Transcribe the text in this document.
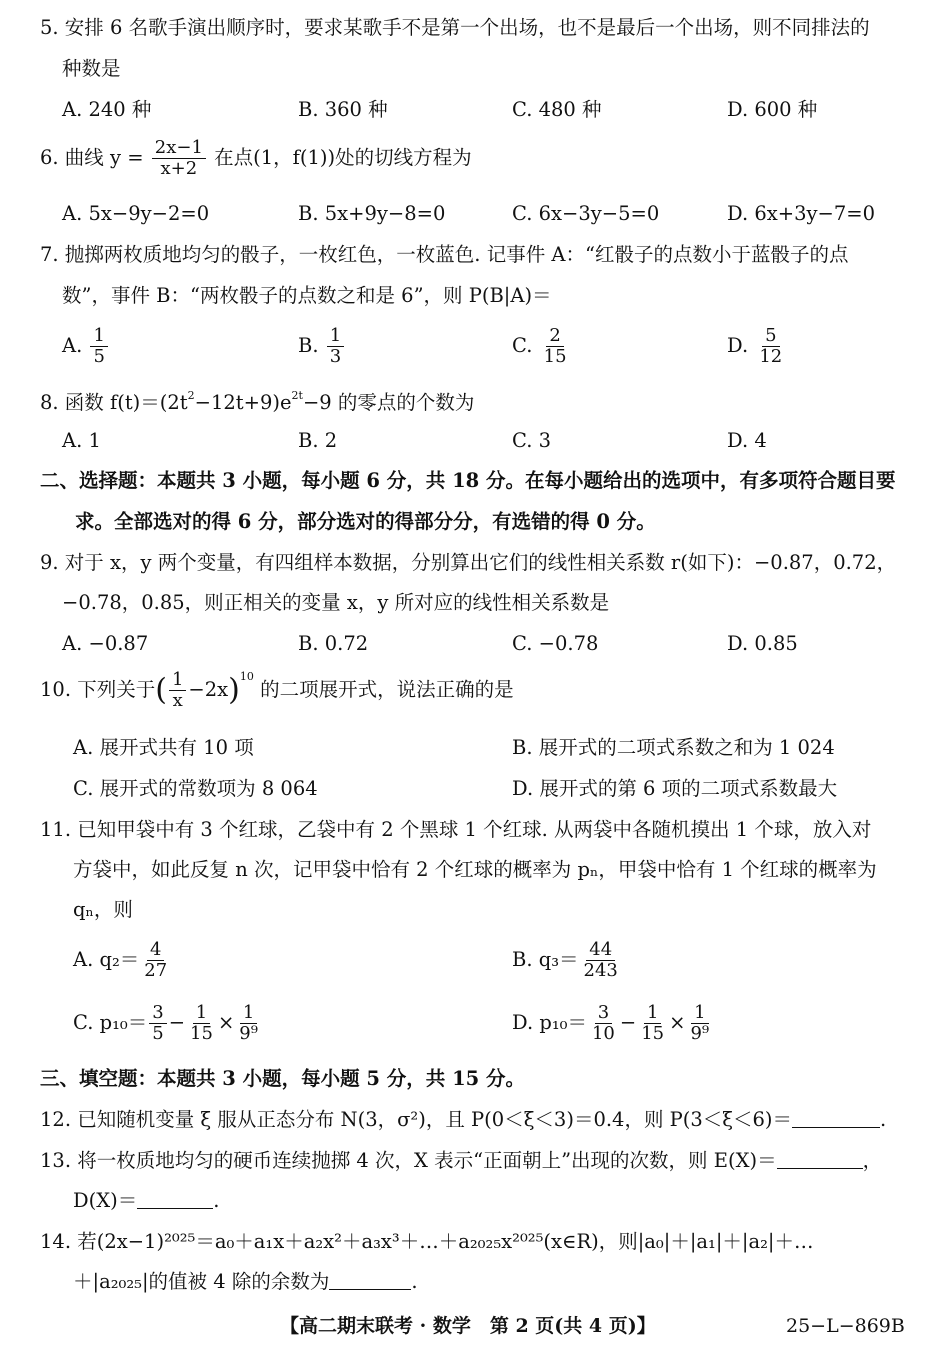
5. 安排 6 名歌手演出顺序时，要求某歌手不是第一个出场，也不是最后一个出场，则不同排法的
种数是
A. 240 种	B. 360 种	C. 480 种	D. 600 种
6. 曲线 $y = \frac{2x-1}{x+2}$ 在点(1，f(1))处的切线方程为
A. 5x−9y−2=0	B. 5x+9y−8=0	C. 6x−3y−5=0	D. 6x+3y−7=0
7. 抛掷两枚质地均匀的骰子，一枚红色，一枚蓝色. 记事件 A：“红骰子的点数小于蓝骰子的点
数”，事件 B：“两枚骰子的点数之和是 6”，则 P(B|A)＝
A. $\frac{1}{5}$	B. $\frac{1}{3}$	C. $\frac{2}{15}$	D. $\frac{5}{12}$
8. 函数 $f(t)=(2t^2-12t+9)e^{2t}-9$ 的零点的个数为
A. 1	B. 2	C. 3	D. 4
二、选择题：本题共 3 小题，每小题 6 分，共 18 分。在每小题给出的选项中，有多项符合题目要
求。全部选对的得 6 分，部分选对的得部分分，有选错的得 0 分。
9. 对于 x，y 两个变量，有四组样本数据，分别算出它们的线性相关系数 r(如下)：−0.87，0.72，
−0.78，0.85，则正相关的变量 x，y 所对应的线性相关系数是
A. −0.87	B. 0.72	C. −0.78	D. 0.85
10. 下列关于( $\frac{1}{x} -2x)^{10}$ 的二项展开式，说法正确的是
A. 展开式共有 10 项	B. 展开式的二项式系数之和为 1 024
C. 展开式的常数项为 8 064	D. 展开式的第 6 项的二项式系数最大
11. 已知甲袋中有 3 个红球，乙袋中有 2 个黑球 1 个红球. 从两袋中各随机摸出 1 个球，放入对
方袋中，如此反复 n 次，记甲袋中恰有 2 个红球的概率为 pₙ，甲袋中恰有 1 个红球的概率为
qₙ，则
A. $q_2= \frac{4}{27}$	B. $q_3= \frac{44}{243}$
C. $p_{10}= \frac{3}{5} - \frac{1}{15} \times \frac{1}{\text{9⁹}}$	D. $p_{10}= \frac{3}{10} - \frac{1}{15} \times \frac{1}{\text{9⁹}}$
三、填空题：本题共 3 小题，每小题 5 分，共 15 分。
12. 已知随机变量 ξ 服从正态分布 N(3，σ²)，且 P(0＜ξ＜3)＝0.4，则 P(3＜ξ＜6)＝	.
13. 将一枚质地均匀的硬币连续抛掷 4 次，X 表示“正面朝上”出现的次数，则 E(X)＝	，
D(X)＝	.
14. 若(2x−1)²⁰²⁵＝a₀＋a₁x＋a₂x²＋a₃x³＋…＋a₂₀₂₅x²⁰²⁵(x∈R)，则|a₀|＋|a₁|＋|a₂|＋…
＋|a₂₀₂₅|的值被 4 除的余数为	.
【高二期末联考 · 数学　第 2 页(共 4 页)】	25−L−869B
